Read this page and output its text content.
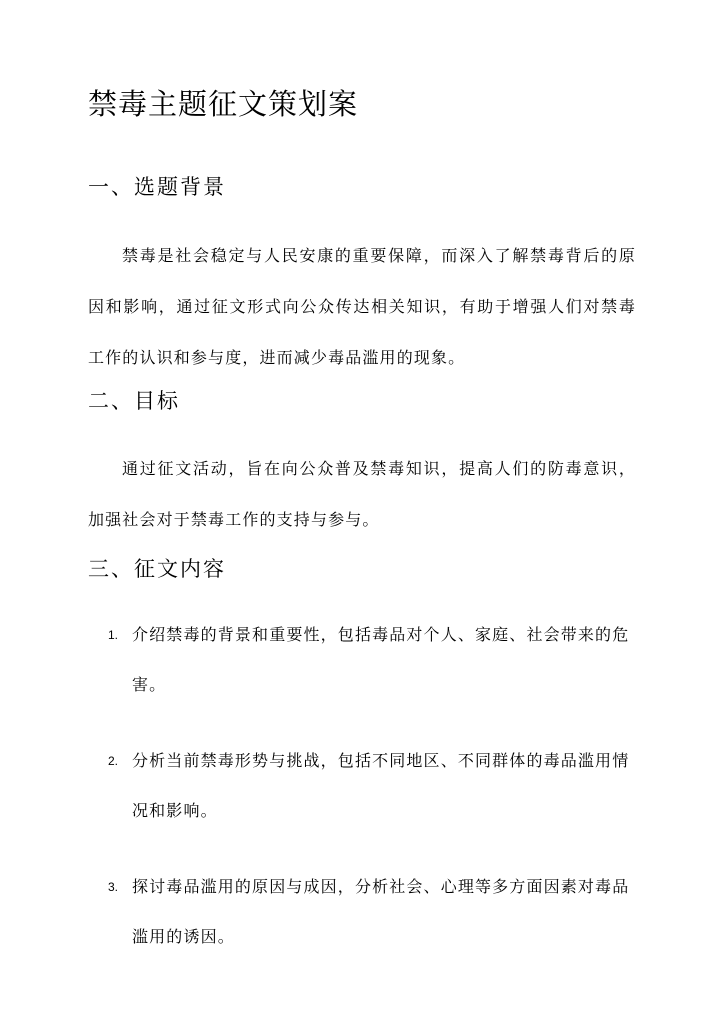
禁毒主题征文策划案
一、选题背景

禁毒是社会稳定与人民安康的重要保障，而深入了解禁毒背后的原因和影响，通过征文形式向公众传达相关知识，有助于增强人们对禁毒工作的认识和参与度，进而减少毒品滥用的现象。

二、目标

通过征文活动，旨在向公众普及禁毒知识，提高人们的防毒意识，加强社会对于禁毒工作的支持与参与。

三、征文内容
1. 介绍禁毒的背景和重要性，包括毒品对个人、家庭、社会带来的危害。
2. 分析当前禁毒形势与挑战，包括不同地区、不同群体的毒品滥用情况和影响。
3. 探讨毒品滥用的原因与成因，分析社会、心理等多方面因素对毒品滥用的诱因。
